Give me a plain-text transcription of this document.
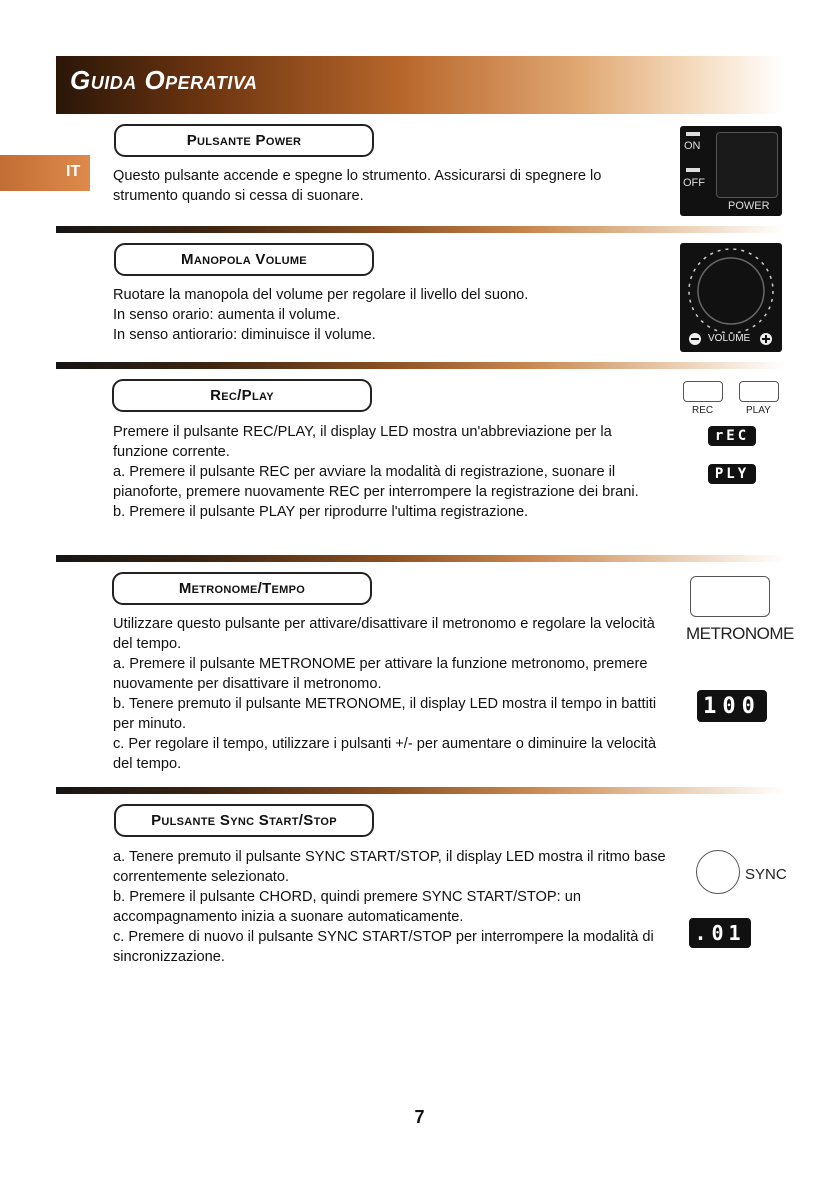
Guida Operativa
IT
Pulsante Power

Questo pulsante accende e spegne lo strumento. Assicurarsi di spegnere lo strumento quando si cessa di suonare.

ON
OFF
POWER
Manopola Volume

Ruotare la manopola del volume per regolare il livello del suono.

In senso orario: aumenta il volume.

In senso antiorario: diminuisce il volume.	VOLUME
Rec/Play

Premere il pulsante REC/PLAY, il display LED mostra un'abbreviazione per la funzione corrente.

a. Premere il pulsante REC per avviare la modalità di registrazione, suonare il pianoforte, premere nuovamente REC per interrompere la registrazione dei brani.

b. Premere il pulsante PLAY per riprodurre l'ultima registrazione.

REC	PLAY
rEC
PLY
Metronome/Tempo

Utilizzare questo pulsante per attivare/disattivare il metronomo e regolare la velocità del tempo.

a. Premere il pulsante METRONOME per attivare la funzione metronomo, premere nuovamente per disattivare il metronomo.

b. Tenere premuto il pulsante METRONOME, il display LED mostra il tempo in battiti per minuto.

c. Per regolare il tempo, utilizzare i pulsanti +/- per aumentare o diminuire la velocità del tempo.

METRONOME
100
Pulsante Sync Start/Stop

a. Tenere premuto il pulsante SYNC START/STOP, il display LED mostra il ritmo base correntemente selezionato.

b. Premere il pulsante CHORD, quindi premere SYNC START/STOP: un accompagnamento inizia a suonare automaticamente.

c. Premere di nuovo il pulsante SYNC START/STOP per interrompere la modalità di sincronizzazione.

SYNC
.01
7
